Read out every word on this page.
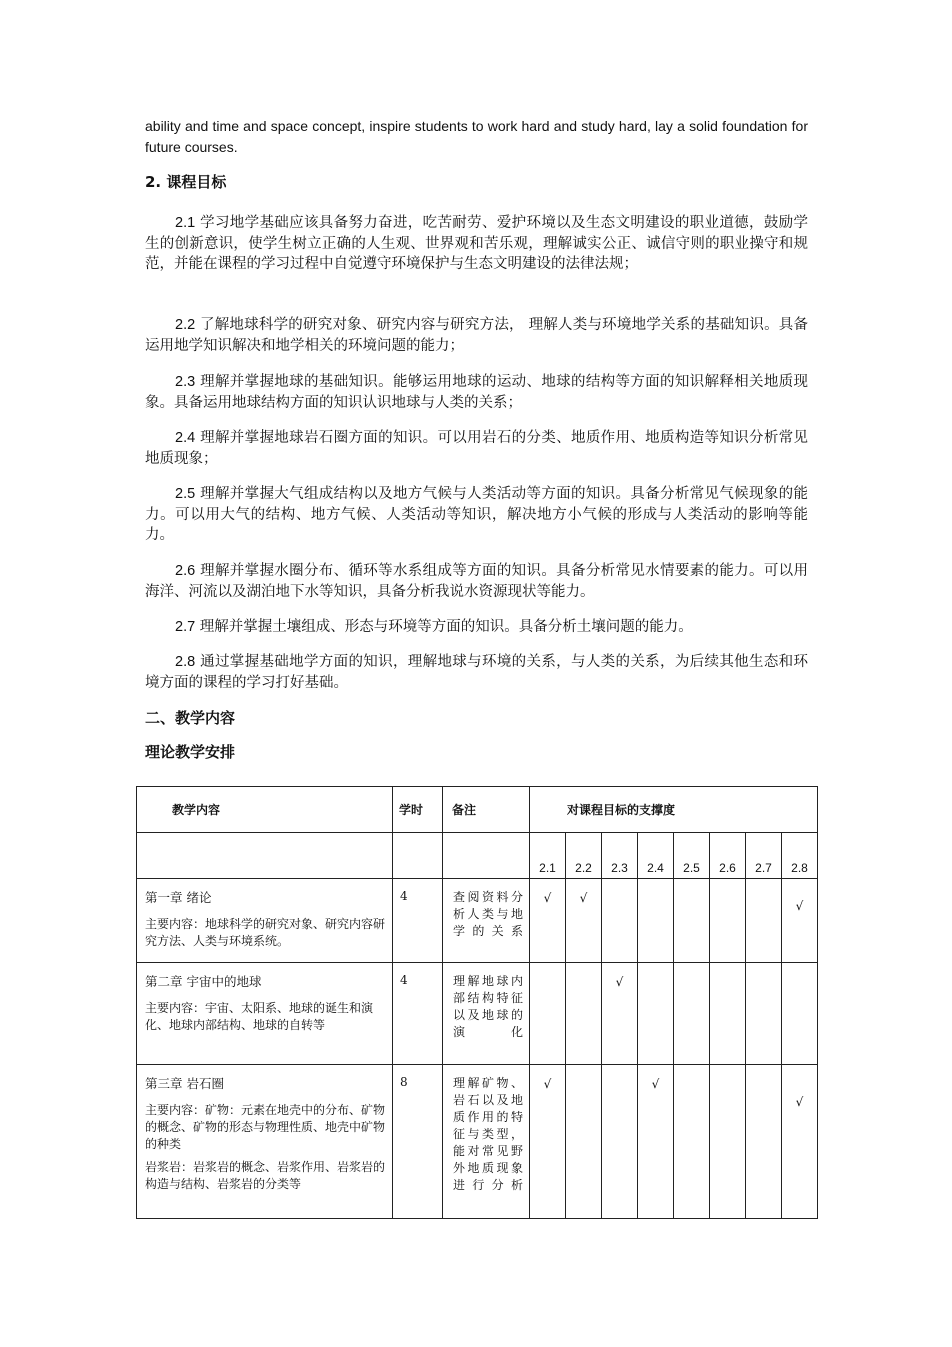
ability and time and space concept, inspire students to work hard and study hard, lay a solid foundation for future courses.
2. 课程目标
2.1 学习地学基础应该具备努力奋进，吃苦耐劳、爱护环境以及生态文明建设的职业道德，鼓励学生的创新意识，使学生树立正确的人生观、世界观和苦乐观，理解诚实公正、诚信守则的职业操守和规范，并能在课程的学习过程中自觉遵守环境保护与生态文明建设的法律法规；
2.2 了解地球科学的研究对象、研究内容与研究方法， 理解人类与环境地学关系的基础知识。具备运用地学知识解决和地学相关的环境问题的能力；
2.3 理解并掌握地球的基础知识。能够运用地球的运动、地球的结构等方面的知识解释相关地质现象。具备运用地球结构方面的知识认识地球与人类的关系；
2.4 理解并掌握地球岩石圈方面的知识。可以用岩石的分类、地质作用、地质构造等知识分析常见地质现象；
2.5 理解并掌握大气组成结构以及地方气候与人类活动等方面的知识。具备分析常见气候现象的能力。可以用大气的结构、地方气候、人类活动等知识，解决地方小气候的形成与人类活动的影响等能力。
2.6 理解并掌握水圈分布、循环等水系组成等方面的知识。具备分析常见水情要素的能力。可以用海洋、河流以及湖泊地下水等知识，具备分析我说水资源现状等能力。
2.7 理解并掌握土壤组成、形态与环境等方面的知识。具备分析土壤问题的能力。
2.8 通过掌握基础地学方面的知识，理解地球与环境的关系，与人类的关系，为后续其他生态和环境方面的课程的学习打好基础。
二、教学内容
理论教学安排
教学内容	学时	备注	对课程目标的支撑度							
			2.1	2.2	2.3	2.4	2.5	2.6	2.7	2.8

第一章 绪论
主要内容：地球科学的研究对象、研究内容研究方法、人类与环境系统。	4	查阅资料分析人类与地学的关系	√	√						√

第二章 宇宙中的地球
主要内容：宇宙、太阳系、地球的诞生和演化、地球内部结构、地球的自转等	4	理解地球内部结构特征以及地球的演化			√					

第三章 岩石圈
主要内容：矿物：元素在地壳中的分布、矿物的概念、矿物的形态与物理性质、地壳中矿物的种类
岩浆岩：岩浆岩的概念、岩浆作用、岩浆岩的构造与结构、岩浆岩的分类等	8	理解矿物、岩石以及地质作用的特征与类型，能对常见野外地质现象进行分析	√			√				√
